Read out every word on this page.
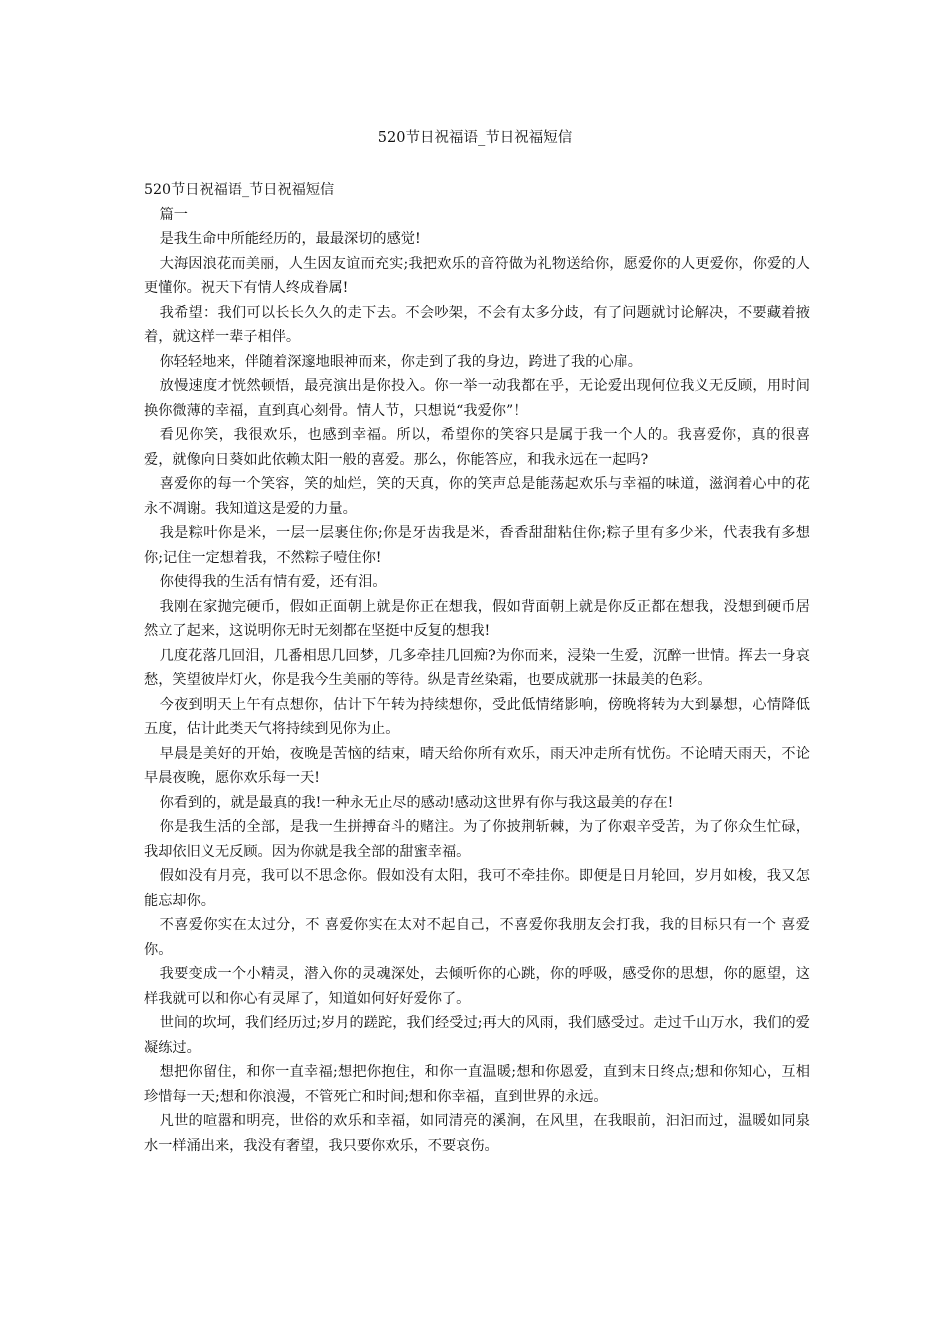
520节日祝福语_节日祝福短信

520节日祝福语_节日祝福短信

篇一

是我生命中所能经历的，最最深切的感觉!

大海因浪花而美丽，人生因友谊而充实;我把欢乐的音符做为礼物送给你，愿爱你的人更爱你，你爱的人更懂你。祝天下有情人终成眷属!

我希望：我们可以长长久久的走下去。不会吵架，不会有太多分歧，有了问题就讨论解决，不要藏着掖着，就这样一辈子相伴。

你轻轻地来，伴随着深邃地眼神而来，你走到了我的身边，跨进了我的心扉。

放慢速度才恍然顿悟，最亮演出是你投入。你一举一动我都在乎，无论爱出现何位我义无反顾，用时间换你微薄的幸福，直到真心刻骨。情人节，只想说“我爱你”！

看见你笑，我很欢乐，也感到幸福。所以，希望你的笑容只是属于我一个人的。我喜爱你，真的很喜爱，就像向日葵如此依赖太阳一般的喜爱。那么，你能答应，和我永远在一起吗?

喜爱你的每一个笑容，笑的灿烂，笑的天真，你的笑声总是能荡起欢乐与幸福的味道，滋润着心中的花永不凋谢。我知道这是爱的力量。

我是粽叶你是米，一层一层裹住你;你是牙齿我是米，香香甜甜粘住你;粽子里有多少米，代表我有多想你;记住一定想着我，不然粽子噎住你!

你使得我的生活有情有爱，还有泪。

我刚在家抛完硬币，假如正面朝上就是你正在想我，假如背面朝上就是你反正都在想我，没想到硬币居然立了起来，这说明你无时无刻都在坚挺中反复的想我!

几度花落几回泪，几番相思几回梦，几多牵挂几回痴?为你而来，浸染一生爱，沉醉一世情。挥去一身哀愁，笑望彼岸灯火，你是我今生美丽的等待。纵是青丝染霜，也要成就那一抹最美的色彩。

今夜到明天上午有点想你，估计下午转为持续想你，受此低情绪影响，傍晚将转为大到暴想，心情降低五度，估计此类天气将持续到见你为止。

早晨是美好的开始，夜晚是苦恼的结束，晴天给你所有欢乐，雨天冲走所有忧伤。不论晴天雨天，不论早晨夜晚，愿你欢乐每一天!

你看到的，就是最真的我!一种永无止尽的感动!感动这世界有你与我这最美的存在!

你是我生活的全部，是我一生拼搏奋斗的赌注。为了你披荆斩棘，为了你艰辛受苦，为了你众生忙碌，我却依旧义无反顾。因为你就是我全部的甜蜜幸福。

假如没有月亮，我可以不思念你。假如没有太阳，我可不牵挂你。即便是日月轮回，岁月如梭，我又怎能忘却你。

不喜爱你实在太过分，不 喜爱你实在太对不起自己，不喜爱你我朋友会打我，我的目标只有一个 喜爱你。

我要变成一个小精灵，潜入你的灵魂深处，去倾听你的心跳，你的呼吸，感受你的思想，你的愿望，这样我就可以和你心有灵犀了，知道如何好好爱你了。

世间的坎坷，我们经历过;岁月的蹉跎，我们经受过;再大的风雨，我们感受过。走过千山万水，我们的爱凝练过。

想把你留住，和你一直幸福;想把你抱住，和你一直温暖;想和你恩爱，直到末日终点;想和你知心，互相珍惜每一天;想和你浪漫，不管死亡和时间;想和你幸福，直到世界的永远。

凡世的喧嚣和明亮，世俗的欢乐和幸福，如同清亮的溪涧，在风里，在我眼前，汩汩而过，温暖如同泉水一样涌出来，我没有奢望，我只要你欢乐，不要哀伤。
